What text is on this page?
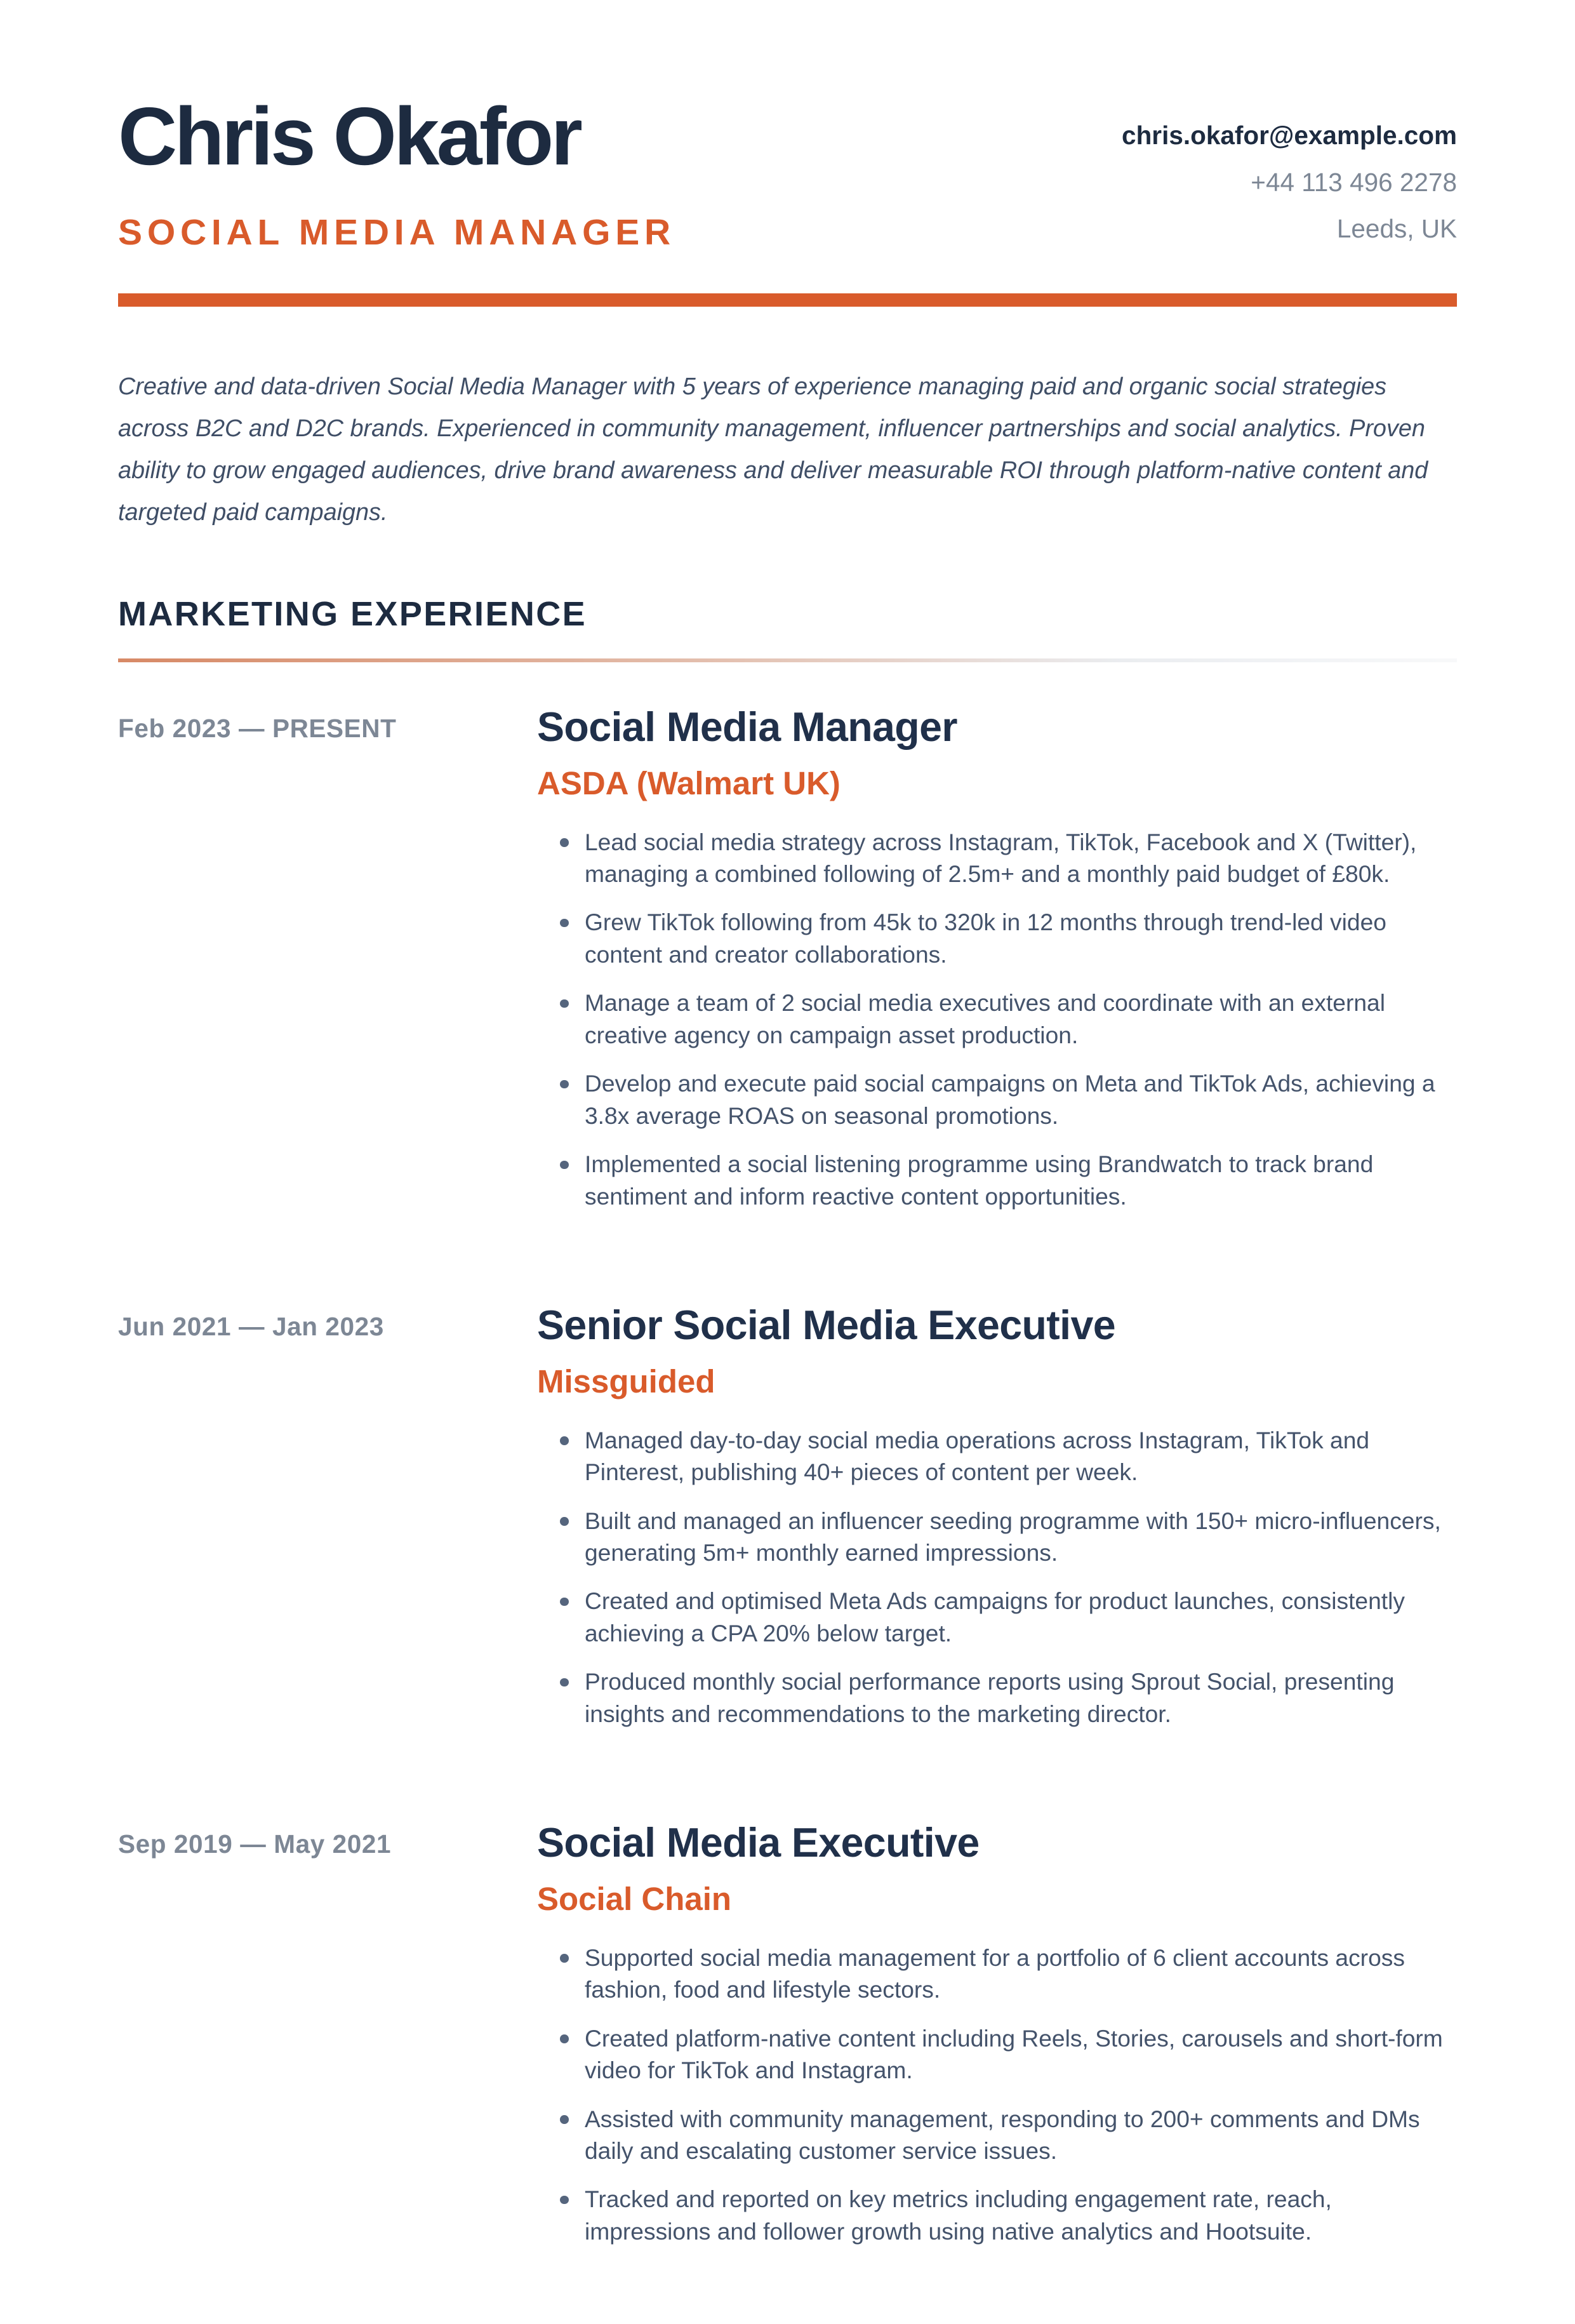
Chris Okafor
SOCIAL MEDIA MANAGER
chris.okafor@example.com
+44 113 496 2278
Leeds, UK

Creative and data-driven Social Media Manager with 5 years of experience managing paid and organic social strategies across B2C and D2C brands. Experienced in community management, influencer partnerships and social analytics. Proven ability to grow engaged audiences, drive brand awareness and deliver measurable ROI through platform-native content and targeted paid campaigns.

MARKETING EXPERIENCE
Feb 2023 — PRESENT	Social Media Manager
ASDA (Walmart UK)
Lead social media strategy across Instagram, TikTok, Facebook and X (Twitter), managing a combined following of 2.5m+ and a monthly paid budget of £80k.
Grew TikTok following from 45k to 320k in 12 months through trend-led video content and creator collaborations.
Manage a team of 2 social media executives and coordinate with an external creative agency on campaign asset production.
Develop and execute paid social campaigns on Meta and TikTok Ads, achieving a 3.8x average ROAS on seasonal promotions.
Implemented a social listening programme using Brandwatch to track brand sentiment and inform reactive content opportunities.
Jun 2021 — Jan 2023	Senior Social Media Executive
Missguided
Managed day-to-day social media operations across Instagram, TikTok and Pinterest, publishing 40+ pieces of content per week.
Built and managed an influencer seeding programme with 150+ micro-influencers, generating 5m+ monthly earned impressions.
Created and optimised Meta Ads campaigns for product launches, consistently achieving a CPA 20% below target.
Produced monthly social performance reports using Sprout Social, presenting insights and recommendations to the marketing director.
Sep 2019 — May 2021	Social Media Executive
Social Chain
Supported social media management for a portfolio of 6 client accounts across fashion, food and lifestyle sectors.
Created platform-native content including Reels, Stories, carousels and short-form video for TikTok and Instagram.
Assisted with community management, responding to 200+ comments and DMs daily and escalating customer service issues.
Tracked and reported on key metrics including engagement rate, reach, impressions and follower growth using native analytics and Hootsuite.
